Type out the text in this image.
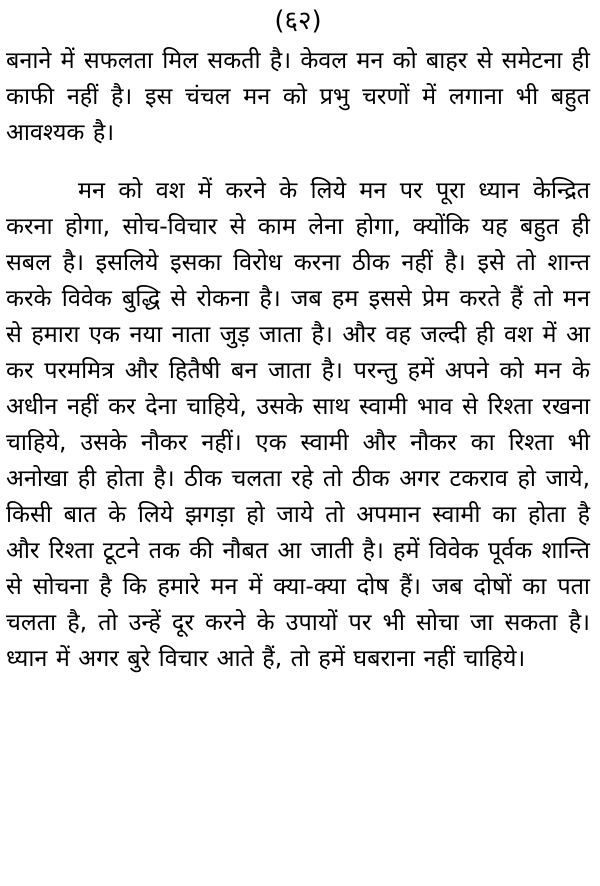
(६२)

बनाने में सफलता मिल सकती है। केवल मन को बाहर से समेटना ही काफी नहीं है। इस चंचल मन को प्रभु चरणों में लगाना भी बहुत आवश्यक है।

मन को वश में करने के लिये मन पर पूरा ध्यान केन्द्रित करना होगा, सोच-विचार से काम लेना होगा, क्योंकि यह बहुत ही सबल है। इसलिये इसका विरोध करना ठीक नहीं है। इसे तो शान्त करके विवेक बुद्धि से रोकना है। जब हम इससे प्रेम करते हैं तो मन से हमारा एक नया नाता जुड़ जाता है। और वह जल्दी ही वश में आ कर परममित्र और हितैषी बन जाता है। परन्तु हमें अपने को मन के अधीन नहीं कर देना चाहिये, उसके साथ स्वामी भाव से रिश्ता रखना चाहिये, उसके नौकर नहीं। एक स्वामी और नौकर का रिश्ता भी अनोखा ही होता है। ठीक चलता रहे तो ठीक अगर टकराव हो जाये, किसी बात के लिये झगड़ा हो जाये तो अपमान स्वामी का होता है और रिश्ता टूटने तक की नौबत आ जाती है। हमें विवेक पूर्वक शान्ति से सोचना है कि हमारे मन में क्या-क्या दोष हैं। जब दोषों का पता चलता है, तो उन्हें दूर करने के उपायों पर भी सोचा जा सकता है। ध्यान में अगर बुरे विचार आते हैं, तो हमें घबराना नहीं चाहिये।
